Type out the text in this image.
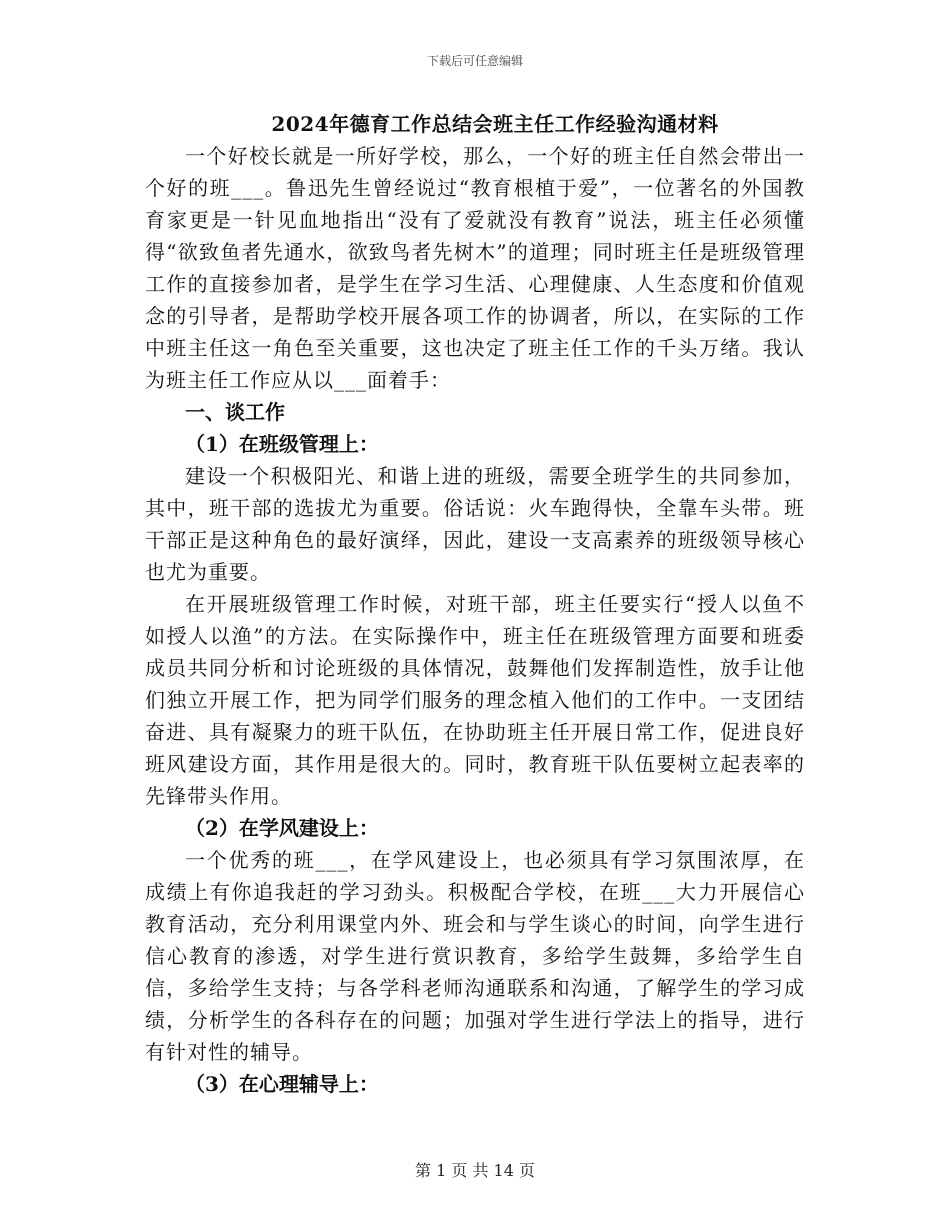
下载后可任意编辑
2024年德育工作总结会班主任工作经验沟通材料

一个好校长就是一所好学校，那么，一个好的班主任自然会带出一个好的班___。鲁迅先生曾经说过“教育根植于爱”，一位著名的外国教育家更是一针见血地指出“没有了爱就没有教育”说法，班主任必须懂得“欲致鱼者先通水，欲致鸟者先树木”的道理；同时班主任是班级管理工作的直接参加者，是学生在学习生活、心理健康、人生态度和价值观念的引导者，是帮助学校开展各项工作的协调者，所以，在实际的工作中班主任这一角色至关重要，这也决定了班主任工作的千头万绪。我认为班主任工作应从以___面着手：

一、谈工作

（1）在班级管理上：

建设一个积极阳光、和谐上进的班级，需要全班学生的共同参加，其中，班干部的选拔尤为重要。俗话说：火车跑得快，全靠车头带。班干部正是这种角色的最好演绎，因此，建设一支高素养的班级领导核心也尤为重要。

在开展班级管理工作时候，对班干部，班主任要实行“授人以鱼不如授人以渔”的方法。在实际操作中，班主任在班级管理方面要和班委成员共同分析和讨论班级的具体情况，鼓舞他们发挥制造性，放手让他们独立开展工作，把为同学们服务的理念植入他们的工作中。一支团结奋进、具有凝聚力的班干队伍，在协助班主任开展日常工作，促进良好班风建设方面，其作用是很大的。同时，教育班干队伍要树立起表率的先锋带头作用。

（2）在学风建设上：

一个优秀的班___，在学风建设上，也必须具有学习氛围浓厚，在成绩上有你追我赶的学习劲头。积极配合学校，在班___大力开展信心教育活动，充分利用课堂内外、班会和与学生谈心的时间，向学生进行信心教育的渗透，对学生进行赏识教育，多给学生鼓舞，多给学生自信，多给学生支持；与各学科老师沟通联系和沟通，了解学生的学习成绩，分析学生的各科存在的问题；加强对学生进行学法上的指导，进行有针对性的辅导。

（3）在心理辅导上：

第 1 页 共 14 页
